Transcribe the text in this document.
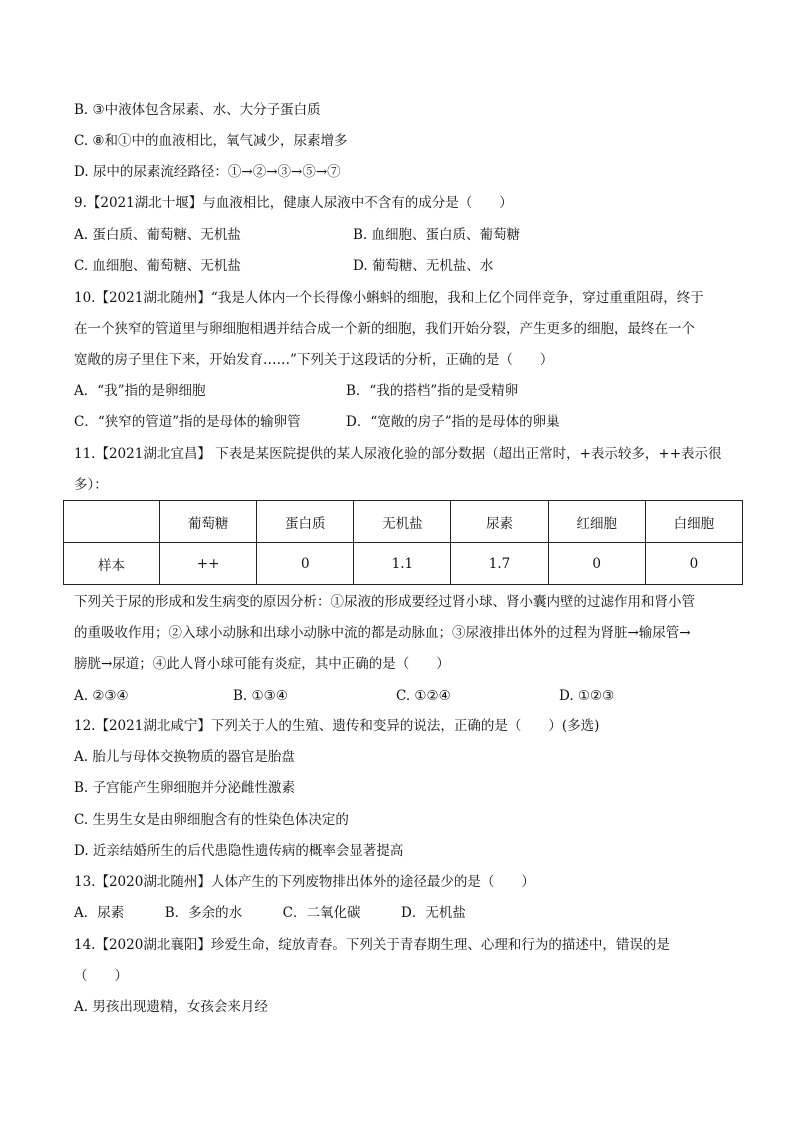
B. ③中液体包含尿素、水、大分子蛋白质
C. ⑧和①中的血液相比，氧气减少，尿素增多
D. 尿中的尿素流经路径：①→②→③→⑤→⑦
9.【2021湖北十堰】与血液相比，健康人尿液中不含有的成分是（　　）
A. 蛋白质、葡萄糖、无机盐	B. 血细胞、蛋白质、葡萄糖
C. 血细胞、葡萄糖、无机盐	D. 葡萄糖、无机盐、水
10.【2021湖北随州】“我是人体内一个长得像小蝌蚪的细胞，我和上亿个同伴竞争，穿过重重阻碍，终于
在一个狭窄的管道里与卵细胞相遇并结合成一个新的细胞，我们开始分裂，产生更多的细胞，最终在一个
宽敞的房子里住下来，开始发育……”下列关于这段话的分析，正确的是（　　）
A．“我”指的是卵细胞	B．“我的搭档”指的是受精卵
C．“狭窄的管道”指的是母体的输卵管	D．“宽敞的房子”指的是母体的卵巢
11.【2021湖北宜昌】 下表是某医院提供的某人尿液化验的部分数据（超出正常时，+表示较多，++表示很
多）：
	葡萄糖	蛋白质	无机盐	尿素	红细胞	白细胞
样本	++	0	1.1	1.7	0	0
下列关于尿的形成和发生病变的原因分析：①尿液的形成要经过肾小球、肾小囊内壁的过滤作用和肾小管
的重吸收作用；②入球小动脉和出球小动脉中流的都是动脉血；③尿液排出体外的过程为肾脏→输尿管→
膀胱→尿道；④此人肾小球可能有炎症，其中正确的是（　　）
A. ②③④	B. ①③④	C. ①②④	D. ①②③
12.【2021湖北咸宁】下列关于人的生殖、遗传和变异的说法，正确的是（　　）(多选)
A. 胎儿与母体交换物质的器官是胎盘
B. 子宫能产生卵细胞并分泌雌性激素
C. 生男生女是由卵细胞含有的性染色体决定的
D. 近亲结婚所生的后代患隐性遗传病的概率会显著提高
13.【2020湖北随州】人体产生的下列废物排出体外的途径最少的是（　　）
A．尿素　　　B．多余的水　　　C．二氧化碳　　　D．无机盐
14.【2020湖北襄阳】珍爱生命，绽放青春。下列关于青春期生理、心理和行为的描述中，错误的是
（　　）
A. 男孩出现遗精，女孩会来月经
